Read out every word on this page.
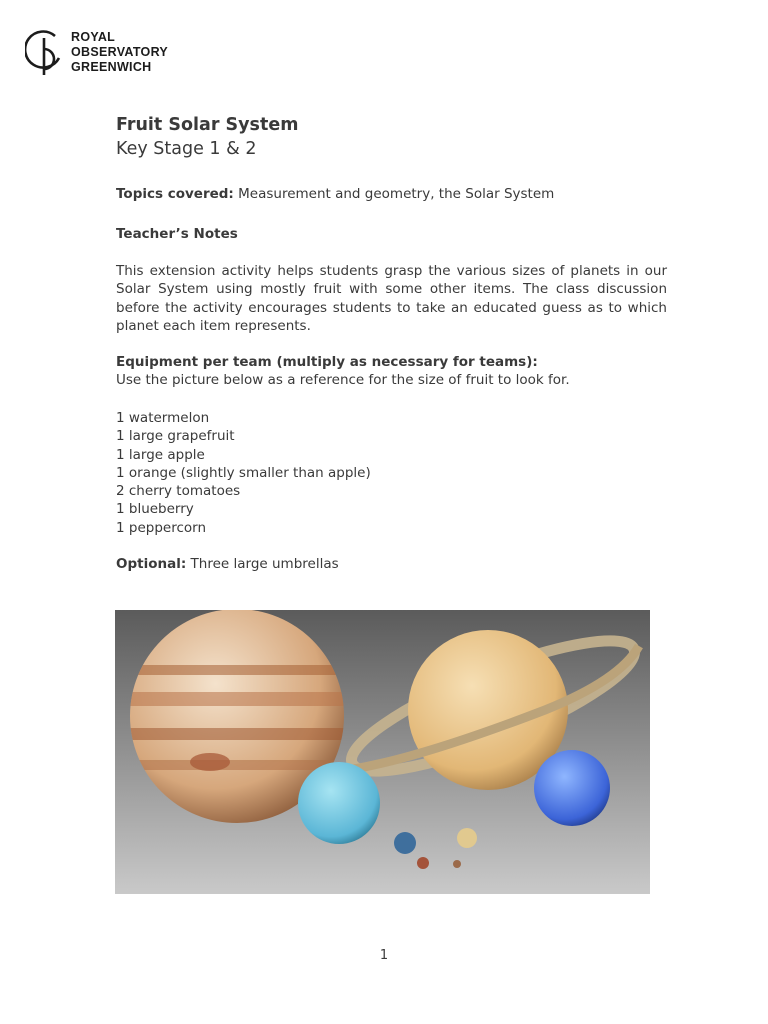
ROYAL
OBSERVATORY
GREENWICH
Fruit Solar System
Key Stage 1 & 2

Topics covered: Measurement and geometry, the Solar System

Teacher’s Notes

This extension activity helps students grasp the various sizes of planets in our Solar System using mostly fruit with some other items. The class discussion before the activity encourages students to take an educated guess as to which planet each item represents.

Equipment per team (multiply as necessary for teams):

Use the picture below as a reference for the size of fruit to look for.

1 watermelon
1 large grapefruit
1 large apple
1 orange (slightly smaller than apple)
2 cherry tomatoes
1 blueberry
1 peppercorn

Optional: Three large umbrellas

1
